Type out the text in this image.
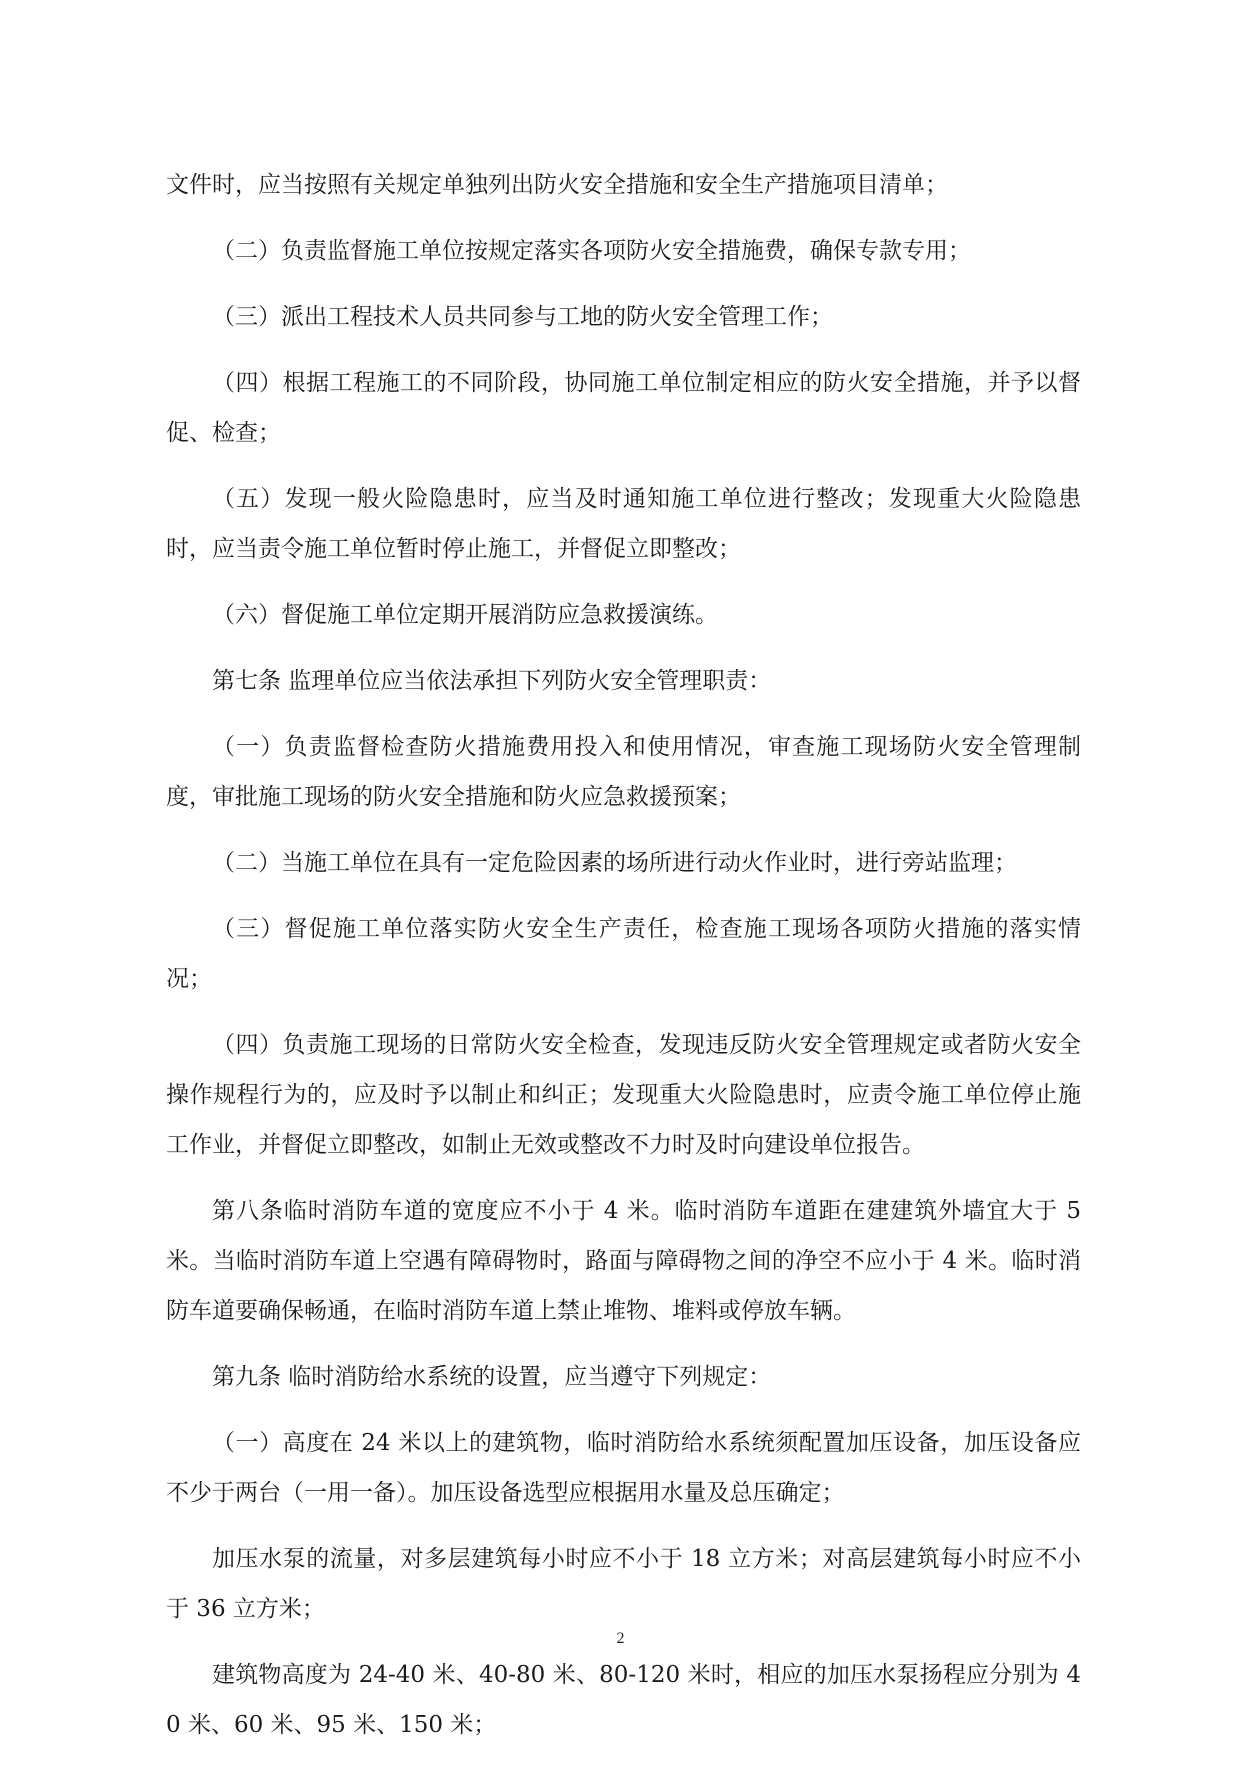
文件时，应当按照有关规定单独列出防火安全措施和安全生产措施项目清单；

（二）负责监督施工单位按规定落实各项防火安全措施费，确保专款专用；

（三）派出工程技术人员共同参与工地的防火安全管理工作；

（四）根据工程施工的不同阶段，协同施工单位制定相应的防火安全措施，并予以督促、检查；

（五）发现一般火险隐患时，应当及时通知施工单位进行整改；发现重大火险隐患时，应当责令施工单位暂时停止施工，并督促立即整改；

（六）督促施工单位定期开展消防应急救援演练。

第七条 监理单位应当依法承担下列防火安全管理职责：

（一）负责监督检查防火措施费用投入和使用情况，审查施工现场防火安全管理制度，审批施工现场的防火安全措施和防火应急救援预案；

（二）当施工单位在具有一定危险因素的场所进行动火作业时，进行旁站监理；

（三）督促施工单位落实防火安全生产责任，检查施工现场各项防火措施的落实情况；

（四）负责施工现场的日常防火安全检查，发现违反防火安全管理规定或者防火安全操作规程行为的，应及时予以制止和纠正；发现重大火险隐患时，应责令施工单位停止施工作业，并督促立即整改，如制止无效或整改不力时及时向建设单位报告。

第八条临时消防车道的宽度应不小于 4 米。临时消防车道距在建建筑外墙宜大于 5 米。当临时消防车道上空遇有障碍物时，路面与障碍物之间的净空不应小于 4 米。临时消防车道要确保畅通，在临时消防车道上禁止堆物、堆料或停放车辆。

第九条 临时消防给水系统的设置，应当遵守下列规定：

（一）高度在 24 米以上的建筑物，临时消防给水系统须配置加压设备，加压设备应不少于两台（一用一备）。加压设备选型应根据用水量及总压确定；

加压水泵的流量，对多层建筑每小时应不小于 18 立方米；对高层建筑每小时应不小于 36 立方米；

建筑物高度为 24-40 米、40-80 米、80-120 米时，相应的加压水泵扬程应分别为 40 米、60 米、95 米、150 米；

2
